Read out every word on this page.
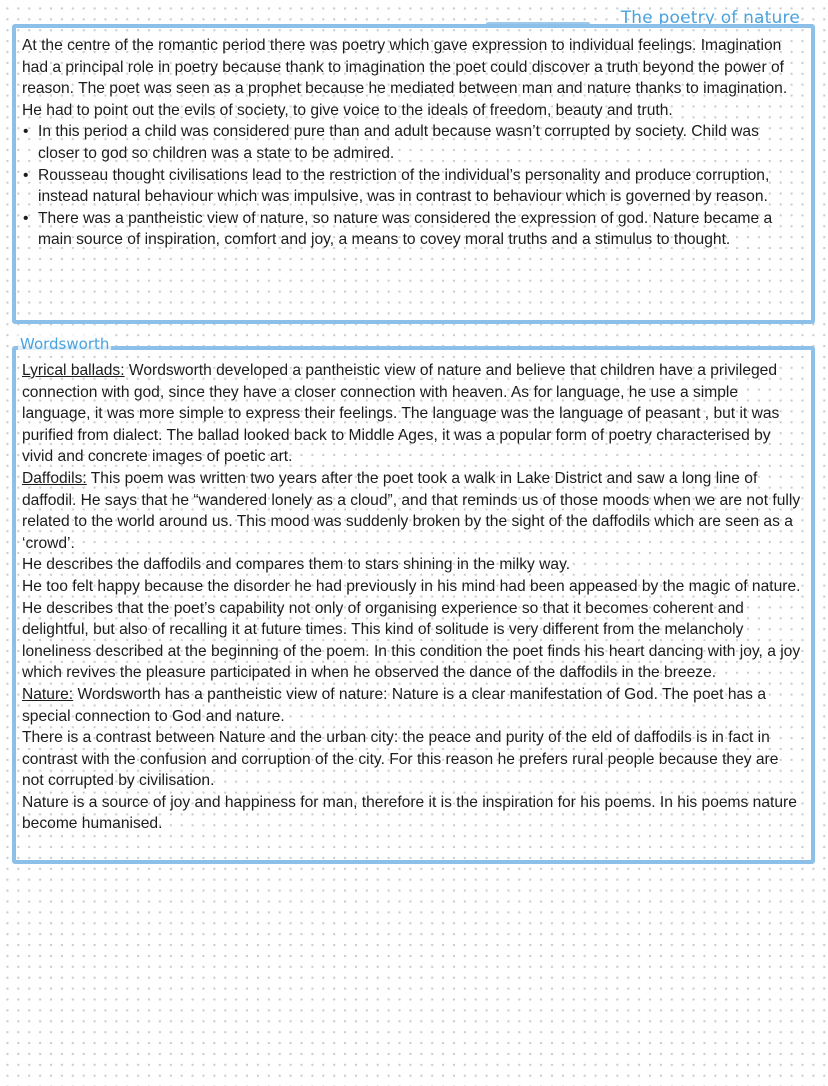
The poetry of nature

At the centre of the romantic period there was poetry which gave expression to individual feelings. Imagination had a principal role in poetry because thank to imagination the poet could discover a truth beyond the power of reason. The poet was seen as a prophet because he mediated between man and nature thanks to imagination. He had to point out the evils of society, to give voice to the ideals of freedom, beauty and truth.

• In this period a child was considered pure than and adult because wasn’t corrupted by society. Child was closer to god so children was a state to be admired.
• Rousseau thought civilisations lead to the restriction of the individual’s personality and produce corruption, instead natural behaviour which was impulsive, was in contrast to behaviour which is governed by reason.
• There was a pantheistic view of nature, so nature was considered the expression of god. Nature became a main source of inspiration, comfort and joy, a means to covey moral truths and a stimulus to thought.

Lyrical ballads: Wordsworth developed a pantheistic view of nature and believe that children have a privileged connection with god, since they have a closer connection with heaven. As for language, he use a simple language, it was more simple to express their feelings. The language was the language of peasant , but it was purified from dialect. The ballad looked back to Middle Ages, it was a popular form of poetry characterised by vivid and concrete images of poetic art.

Daffodils: This poem was written two years after the poet took a walk in Lake District and saw a long line of daffodil. He says that he “wandered lonely as a cloud”, and that reminds us of those moods when we are not fully related to the world around us. This mood was suddenly broken by the sight of the daffodils which are seen as a ‘crowd’.

He describes the daffodils and compares them to stars shining in the milky way.

He too felt happy because the disorder he had previously in his mind had been appeased by the magic of nature. He describes that the poet’s capability not only of organising experience so that it becomes coherent and delightful, but also of recalling it at future times. This kind of solitude is very different from the melancholy loneliness described at the beginning of the poem. In this condition the poet finds his heart dancing with joy, a joy which revives the pleasure participated in when he observed the dance of the daffodils in the breeze.

Nature: Wordsworth has a pantheistic view of nature: Nature is a clear manifestation of God. The poet has a special connection to God and nature.

There is a contrast between Nature and the urban city: the peace and purity of the eld of daffodils is in fact in contrast with the confusion and corruption of the city. For this reason he prefers rural people because they are not corrupted by civilisation.

Nature is a source of joy and happiness for man, therefore it is the inspiration for his poems. In his poems nature become humanised.

Wordsworth
